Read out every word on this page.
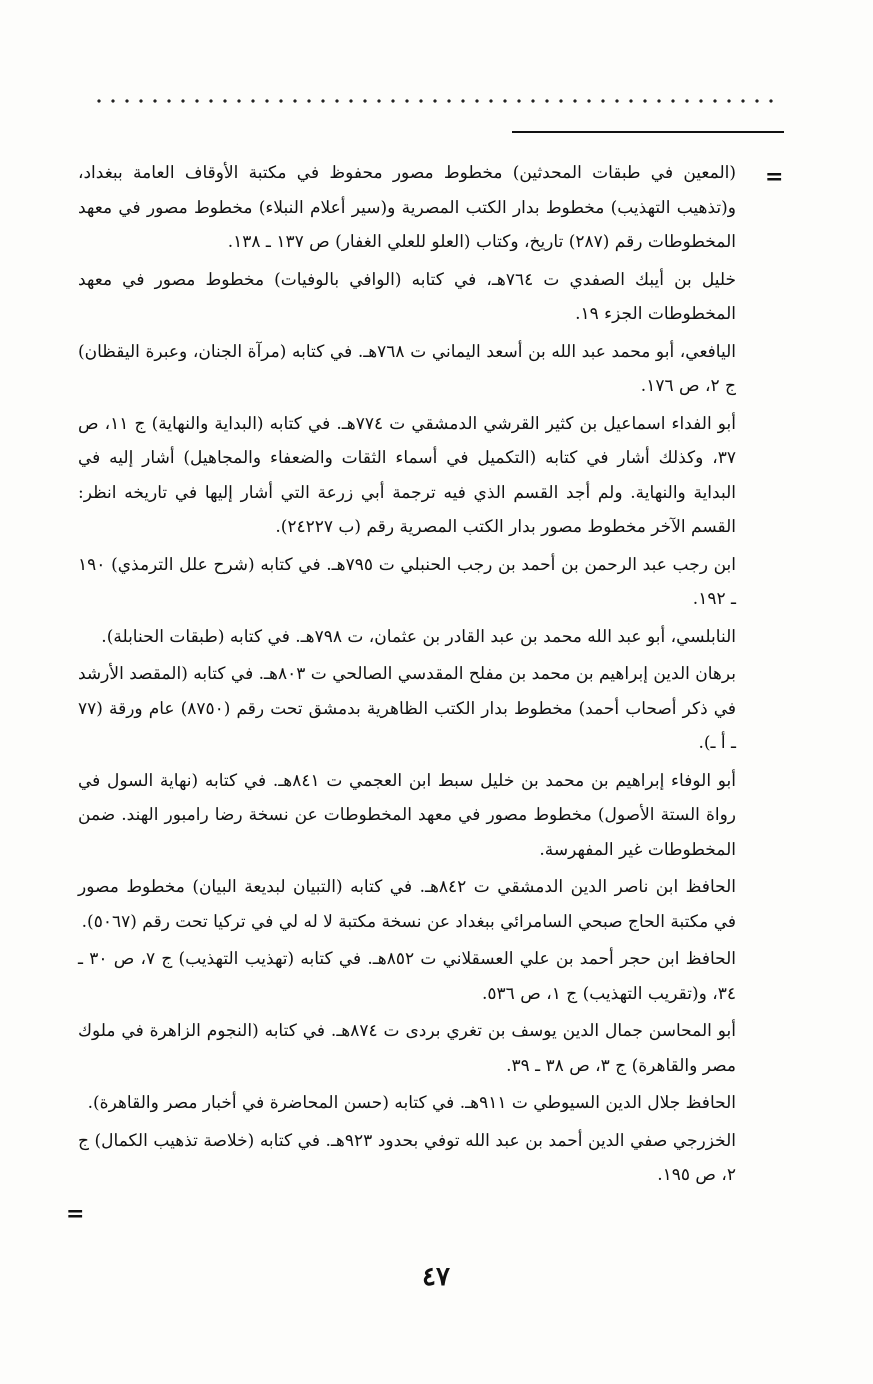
=

(المعين في طبقات المحدثين) مخطوط مصور محفوظ في مكتبة الأوقاف العامة ببغداد، و(تذهيب التهذيب) مخطوط بدار الكتب المصرية و(سير أعلام النبلاء) مخطوط مصور في معهد المخطوطات رقم (٢٨٧) تاريخ، وكتاب (العلو للعلي الغفار) ص ١٣٧ ـ ١٣٨.

خليل بن أيبك الصفدي ت ٧٦٤هـ، في كتابه (الوافي بالوفيات) مخطوط مصور في معهد المخطوطات الجزء ١٩.

اليافعي، أبو محمد عبد الله بن أسعد اليماني ت ٧٦٨هـ. في كتابه (مرآة الجنان، وعبرة اليقظان) ج ٢، ص ١٧٦.

أبو الفداء اسماعيل بن كثير القرشي الدمشقي ت ٧٧٤هـ. في كتابه (البداية والنهاية) ج ١١، ص ٣٧، وكذلك أشار في كتابه (التكميل في أسماء الثقات والضعفاء والمجاهيل) أشار إليه في البداية والنهاية. ولم أجد القسم الذي فيه ترجمة أبي زرعة التي أشار إليها في تاريخه انظر: القسم الآخر مخطوط مصور بدار الكتب المصرية رقم (ب ٢٤٢٢٧).

ابن رجب عبد الرحمن بن أحمد بن رجب الحنبلي ت ٧٩٥هـ. في كتابه (شرح علل الترمذي) ١٩٠ ـ ١٩٢.

النابلسي، أبو عبد الله محمد بن عبد القادر بن عثمان، ت ٧٩٨هـ. في كتابه (طبقات الحنابلة).

برهان الدين إبراهيم بن محمد بن مفلح المقدسي الصالحي ت ٨٠٣هـ. في كتابه (المقصد الأرشد في ذكر أصحاب أحمد) مخطوط بدار الكتب الظاهرية بدمشق تحت رقم (٨٧٥٠) عام ورقة (٧٧ ـ أ ـ).

أبو الوفاء إبراهيم بن محمد بن خليل سبط ابن العجمي ت ٨٤١هـ. في كتابه (نهاية السول في رواة الستة الأصول) مخطوط مصور في معهد المخطوطات عن نسخة رضا رامبور الهند. ضمن المخطوطات غير المفهرسة.

الحافظ ابن ناصر الدين الدمشقي ت ٨٤٢هـ. في كتابه (التبيان لبديعة البيان) مخطوط مصور في مكتبة الحاج صبحي السامرائي ببغداد عن نسخة مكتبة لا له لي في تركيا تحت رقم (٥٠٦٧).

الحافظ ابن حجر أحمد بن علي العسقلاني ت ٨٥٢هـ. في كتابه (تهذيب التهذيب) ج ٧، ص ٣٠ ـ ٣٤، و(تقريب التهذيب) ج ١، ص ٥٣٦.

أبو المحاسن جمال الدين يوسف بن تغري بردى ت ٨٧٤هـ. في كتابه (النجوم الزاهرة في ملوك مصر والقاهرة) ج ٣، ص ٣٨ ـ ٣٩.

الحافظ جلال الدين السيوطي ت ٩١١هـ. في كتابه (حسن المحاضرة في أخبار مصر والقاهرة).

الخزرجي صفي الدين أحمد بن عبد الله توفي بحدود ٩٢٣هـ. في كتابه (خلاصة تذهيب الكمال) ج ٢، ص ١٩٥.

=
٤٧
